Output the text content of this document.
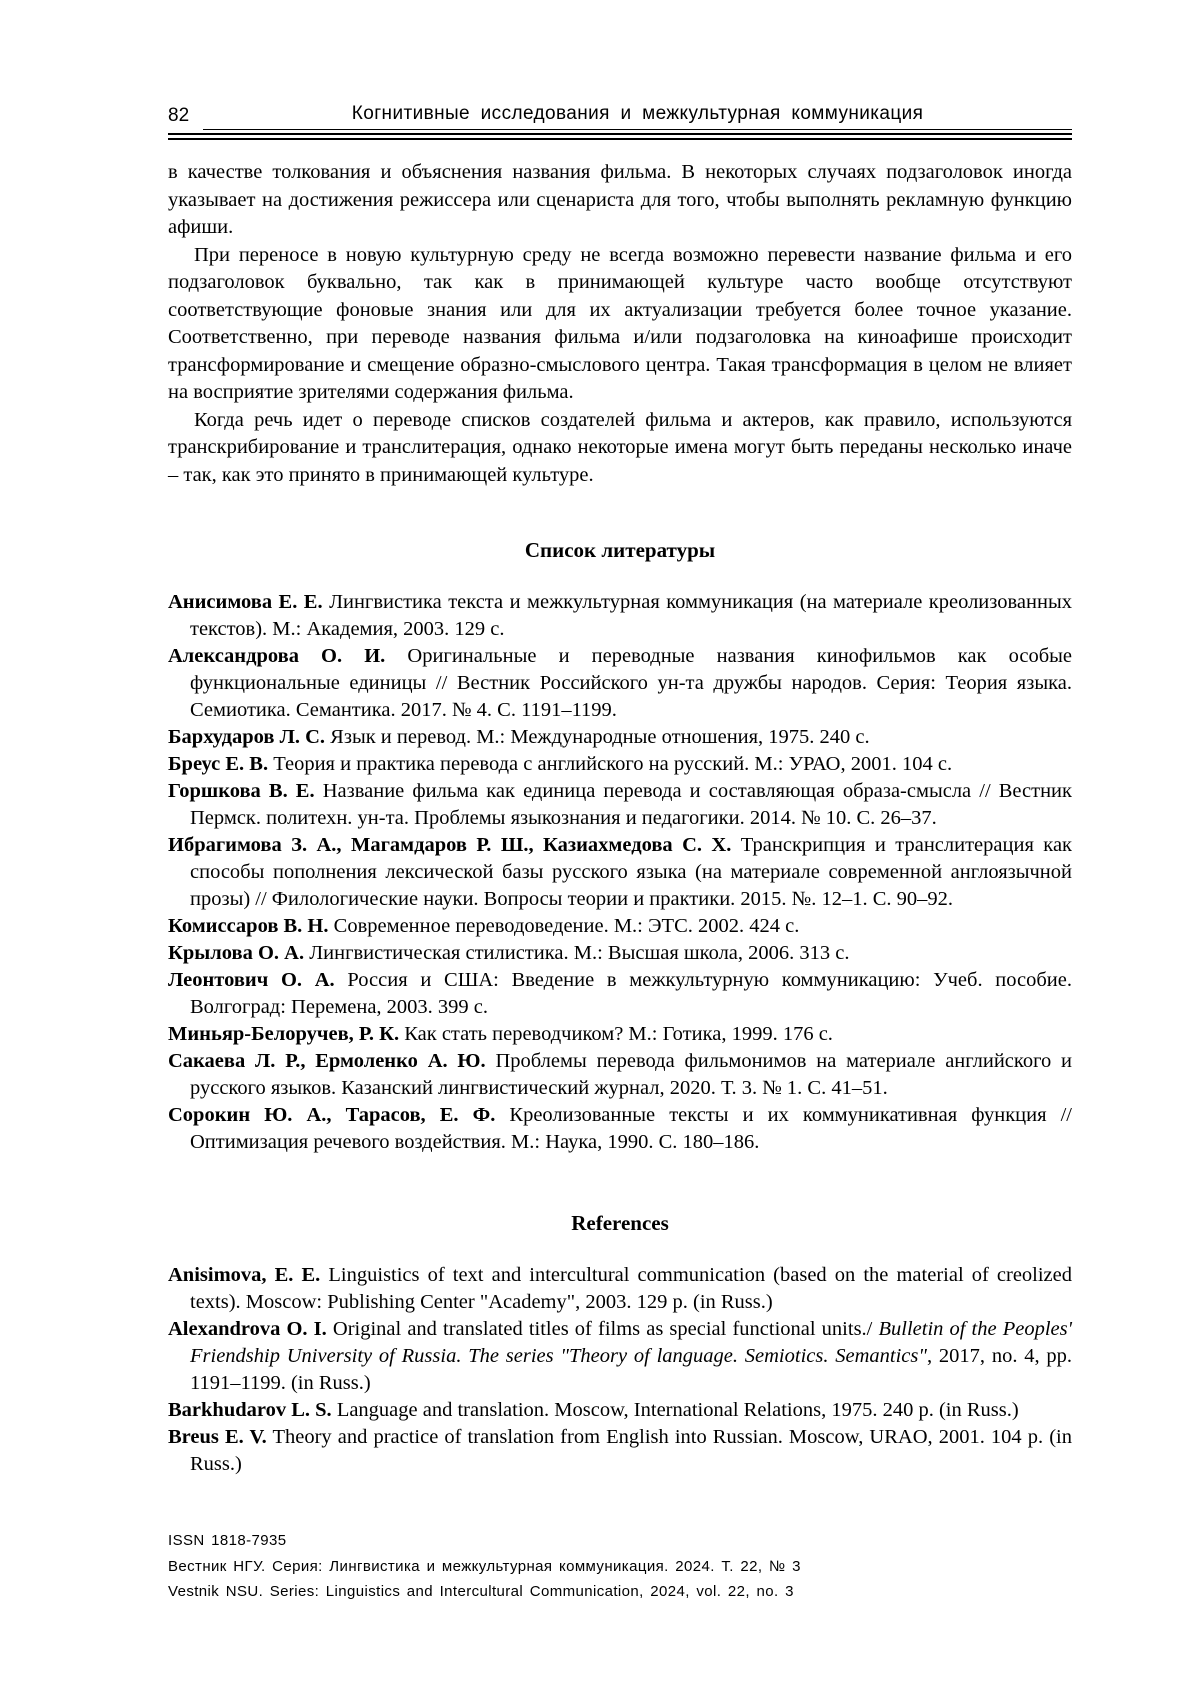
82	Когнитивные исследования и межкультурная коммуникация

в качестве толкования и объяснения названия фильма. В некоторых случаях подзаголовок иногда указывает на достижения режиссера или сценариста для того, чтобы выполнять рекламную функцию афиши.

При переносе в новую культурную среду не всегда возможно перевести название фильма и его подзаголовок буквально, так как в принимающей культуре часто вообще отсутствуют соответствующие фоновые знания или для их актуализации требуется более точное указание. Соответственно, при переводе названия фильма и/или подзаголовка на киноафише происходит трансформирование и смещение образно-смыслового центра. Такая трансформация в целом не влияет на восприятие зрителями содержания фильма.

Когда речь идет о переводе списков создателей фильма и актеров, как правило, используются транскрибирование и транслитерация, однако некоторые имена могут быть переданы несколько иначе – так, как это принято в принимающей культуре.

Список литературы

Анисимова Е. Е. Лингвистика текста и межкультурная коммуникация (на материале креолизованных текстов). М.: Академия, 2003. 129 с.

Александрова О. И. Оригинальные и переводные названия кинофильмов как особые функциональные единицы // Вестник Российского ун-та дружбы народов. Серия: Теория языка. Семиотика. Семантика. 2017. № 4. С. 1191–1199.

Бархударов Л. С. Язык и перевод. М.: Международные отношения, 1975. 240 с.

Бреус Е. В. Теория и практика перевода с английского на русский. М.: УРАО, 2001. 104 с.

Горшкова В. Е. Название фильма как единица перевода и составляющая образа-смысла // Вестник Пермск. политехн. ун-та. Проблемы языкознания и педагогики. 2014. № 10. С. 26–37.

Ибрагимова З. А., Магамдаров Р. Ш., Казиахмедова С. Х. Транскрипция и транслитерация как способы пополнения лексической базы русского языка (на материале современной англоязычной прозы) // Филологические науки. Вопросы теории и практики. 2015. №. 12–1. С. 90–92.

Комиссаров В. Н. Современное переводоведение. М.: ЭТС. 2002. 424 с.

Крылова О. А. Лингвистическая стилистика. М.: Высшая школа, 2006. 313 с.

Леонтович О. А. Россия и США: Введение в межкультурную коммуникацию: Учеб. пособие. Волгоград: Перемена, 2003. 399 с.

Миньяр-Белоручев, Р. К. Как стать переводчиком? М.: Готика, 1999. 176 с.

Сакаева Л. Р., Ермоленко А. Ю. Проблемы перевода фильмонимов на материале английского и русского языков. Казанский лингвистический журнал, 2020. Т. 3. № 1. С. 41–51.

Сорокин Ю. А., Тарасов, Е. Ф. Креолизованные тексты и их коммуникативная функция // Оптимизация речевого воздействия. М.: Наука, 1990. С. 180–186.

References

Anisimova, E. E. Linguistics of text and intercultural communication (based on the material of creolized texts). Moscow: Publishing Center "Academy", 2003. 129 p. (in Russ.)

Alexandrova O. I. Original and translated titles of films as special functional units./ Bulletin of the Peoples' Friendship University of Russia. The series "Theory of language. Semiotics. Semantics", 2017, no. 4, pp. 1191–1199. (in Russ.)

Barkhudarov L. S. Language and translation. Moscow, International Relations, 1975. 240 p. (in Russ.)

Breus E. V. Theory and practice of translation from English into Russian. Moscow, URAO, 2001. 104 p. (in Russ.)

ISSN 1818-7935
Вестник НГУ. Серия: Лингвистика и межкультурная коммуникация. 2024. Т. 22, № 3
Vestnik NSU. Series: Linguistics and Intercultural Communication, 2024, vol. 22, no. 3
